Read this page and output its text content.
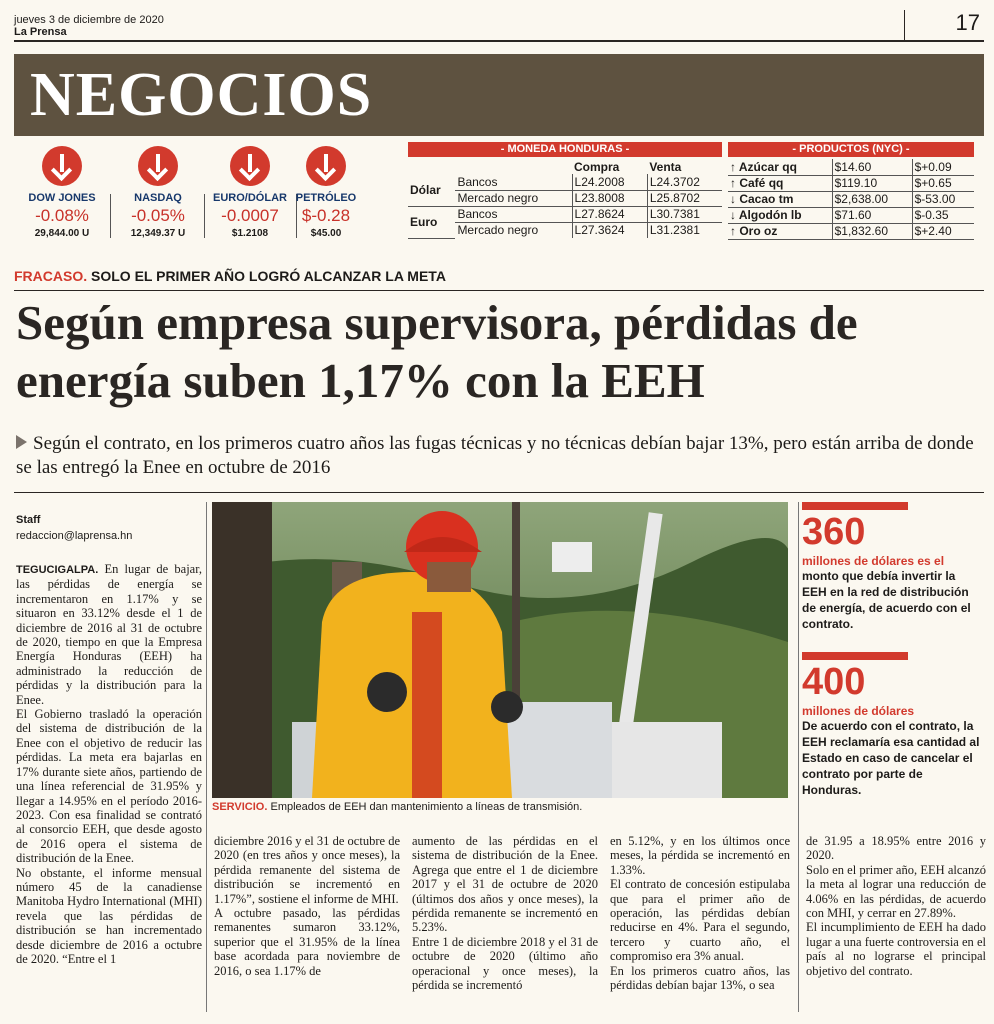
jueves 3 de diciembre de 2020
La Prensa	17
NEGOCIOS
DOW JONES
-0.08%
29,844.00 U
NASDAQ
-0.05%
12,349.37 U
EURO/DÓLAR
-0.0007
$1.2108
PETRÓLEO
$-0.28
$45.00
- MONEDA HONDURAS -
		Compra	Venta
Dólar	Bancos	L24.2008	L24.3702
	Mercado negro	L23.8008	L25.8702
Euro	Bancos	L27.8624	L30.7381
	Mercado negro	L27.3624	L31.2381
- PRODUCTOS (NYC) -
↑ Azúcar qq	$14.60	$+0.09
↑ Café qq	$119.10	$+0.65
↓ Cacao tm	$2,638.00	$-53.00
↓ Algodón lb	$71.60	$-0.35
↑ Oro oz	$1,832.60	$+2.40
FRACASO. SOLO EL PRIMER AÑO LOGRÓ ALCANZAR LA META
Según empresa supervisora, pérdidas de energía suben 1,17% con la EEH
Según el contrato, en los primeros cuatro años las fugas técnicas y no técnicas debían bajar 13%, pero están arriba de donde se las entregó la Enee en octubre de 2016
Staff
redaccion@laprensa.hn

TEGUCIGALPA. En lugar de bajar, las pérdidas de energía se incrementaron en 1.17% y se situaron en 33.12% desde el 1 de diciembre de 2016 al 31 de octubre de 2020, tiempo en que la Empresa Energía Honduras (EEH) ha administrado la reducción de pérdidas y la distribución para la Enee.

El Gobierno trasladó la operación del sistema de distribución de la Enee con el objetivo de reducir las pérdidas. La meta era bajarlas en 17% durante siete años, partiendo de una línea referencial de 31.95% y llegar a 14.95% en el período 2016-2023. Con esa finalidad se contrató al consorcio EEH, que desde agosto de 2016 opera el sistema de distribución de la Enee.

No obstante, el informe mensual número 45 de la canadiense Manitoba Hydro International (MHI) revela que las pérdidas de distribución se han incrementado desde diciembre de 2016 a octubre de 2020. “Entre el 1

SERVICIO. Empleados de EEH dan mantenimiento a líneas de transmisión.

diciembre 2016 y el 31 de octubre de 2020 (en tres años y once meses), la pérdida remanente del sistema de distribución se incrementó en 1.17%”, sostiene el informe de MHI.

A octubre pasado, las pérdidas remanentes sumaron 33.12%, superior que el 31.95% de la línea base acordada para noviembre de 2016, o sea 1.17% de

aumento de las pérdidas en el sistema de distribución de la Enee. Agrega que entre el 1 de diciembre 2017 y el 31 de octubre de 2020 (últimos dos años y once meses), la pérdida remanente se incrementó en 5.23%.

Entre 1 de diciembre 2018 y el 31 de octubre de 2020 (último año operacional y once meses), la pérdida se incrementó

en 5.12%, y en los últimos once meses, la pérdida se incrementó en 1.33%.

El contrato de concesión estipulaba que para el primer año de operación, las pérdidas debían reducirse en 4%. Para el segundo, tercero y cuarto año, el compromiso era 3% anual.

En los primeros cuatro años, las pérdidas debían bajar 13%, o sea

de 31.95 a 18.95% entre 2016 y 2020.

Solo en el primer año, EEH alcanzó la meta al lograr una reducción de 4.06% en las pérdidas, de acuerdo con MHI, y cerrar en 27.89%.

El incumplimiento de EEH ha dado lugar a una fuerte controversia en el país al no lograrse el principal objetivo del contrato.

360
millones de dólares es el
monto que debía invertir la EEH en la red de distribución de energía, de acuerdo con el contrato.
400
millones de dólares
De acuerdo con el contrato, la EEH reclamaría esa cantidad al Estado en caso de cancelar el contrato por parte de Honduras.
